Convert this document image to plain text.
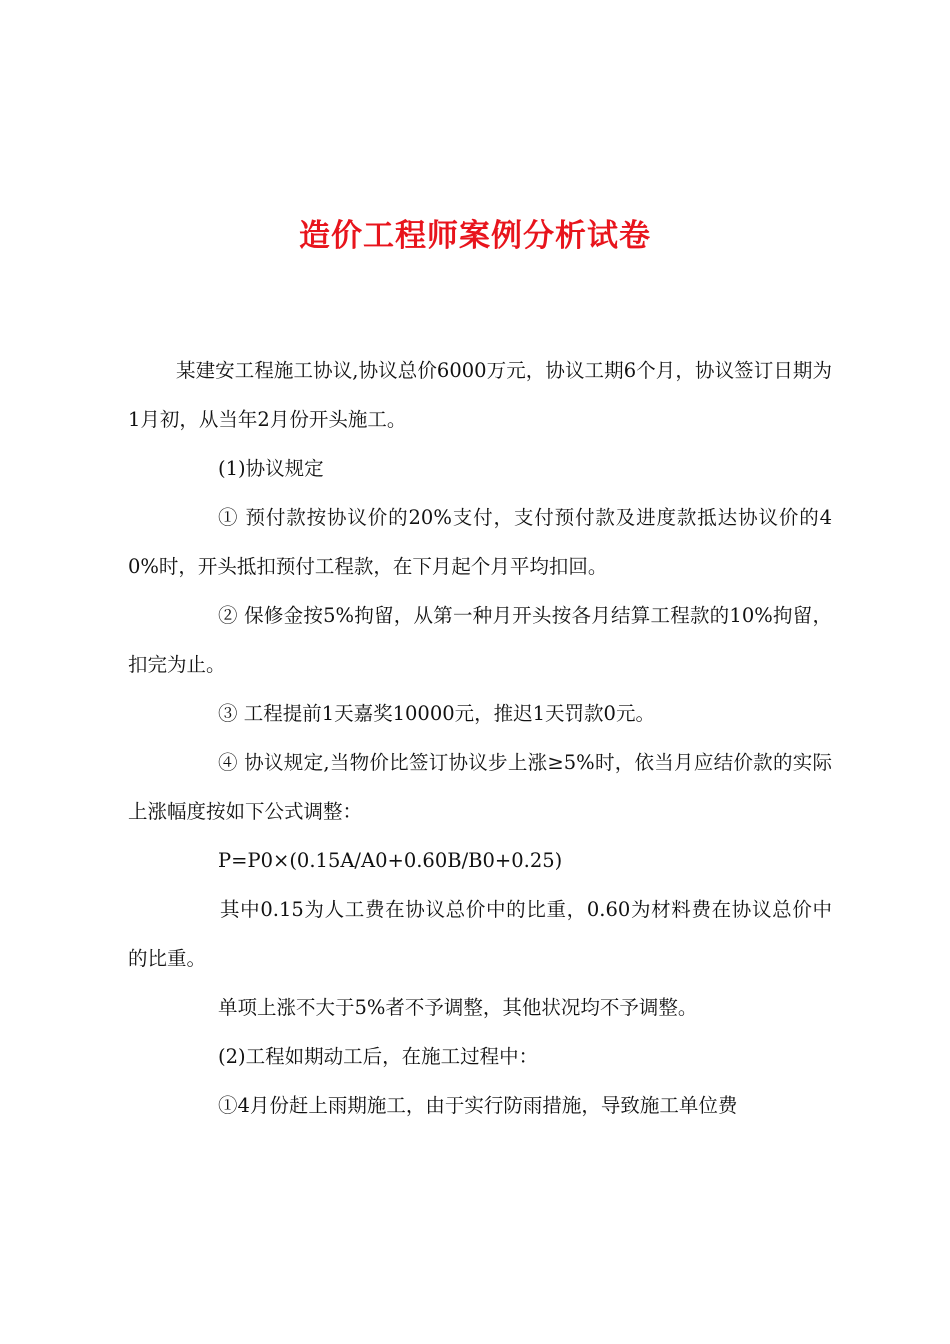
造价工程师案例分析试卷

某建安工程施工协议,协议总价6000万元，协议工期6个月，协议签订日期为1月初，从当年2月份开头施工。

(1)协议规定

① 预付款按协议价的20%支付，支付预付款及进度款抵达协议价的40%时，开头抵扣预付工程款，在下月起个月平均扣回。

② 保修金按5%拘留，从第一种月开头按各月结算工程款的10%拘留，扣完为止。

③ 工程提前1天嘉奖10000元，推迟1天罚款0元。

④ 协议规定,当物价比签订协议步上涨≥5%时，依当月应结价款的实际上涨幅度按如下公式调整：

P=P0×(0.15A/A0+0.60B/B0+0.25)

其中0.15为人工费在协议总价中的比重，0.60为材料费在协议总价中的比重。

单项上涨不大于5%者不予调整，其他状况均不予调整。

(2)工程如期动工后，在施工过程中：

①4月份赶上雨期施工，由于实行防雨措施，导致施工单位费
